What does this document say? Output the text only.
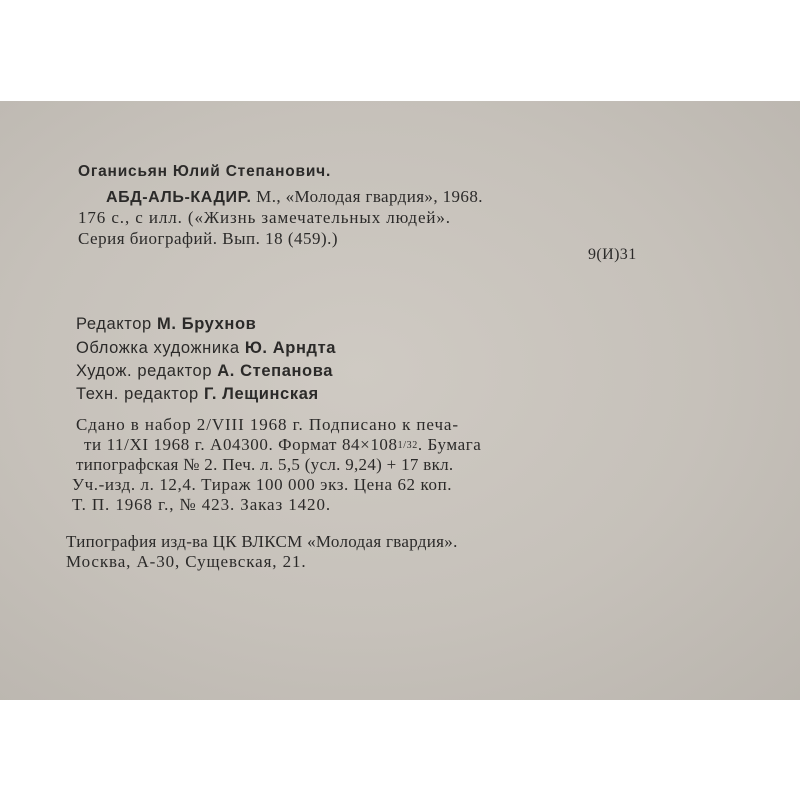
Оганисьян Юлий Степанович.
АБД-АЛЬ-КАДИР. М., «Молодая гвардия», 1968.
176 с., с илл. («Жизнь замечательных людей».
Серия биографий. Вып. 18 (459).)
9(И)31
Редактор М. Брухнов
Обложка художника Ю. Арндта
Худож. редактор А. Степанова
Техн. редактор Г. Лещинская
Сдано в набор 2/VIII 1968 г. Подписано к печа-
ти 11/XI 1968 г. А04300. Формат 84×1081/32. Бумага
типографская № 2. Печ. л. 5,5 (усл. 9,24) + 17 вкл.
Уч.-изд. л. 12,4. Тираж 100 000 экз. Цена 62 коп.
Т. П. 1968 г., № 423. Заказ 1420.
Типография изд-ва ЦК ВЛКСМ «Молодая гвардия».
Москва, А-30, Сущевская, 21.
